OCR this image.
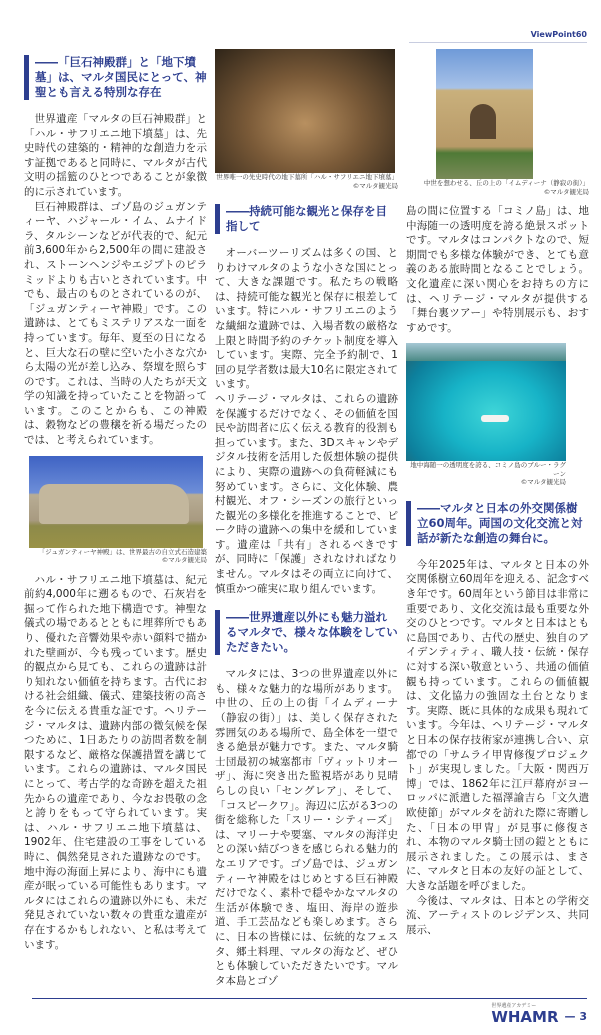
ViewPoint60
――「巨石神殿群」と「地下墳墓」は、マルタ国民にとって、神聖とも言える特別な存在

世界遺産「マルタの巨石神殿群」と「ハル・サフリエニ地下墳墓」は、先史時代の建築的・精神的な創造力を示す証拠であると同時に、マルタが古代文明の揺籃のひとつであることが象徴的に示されています。

巨石神殿群は、ゴゾ島のジュガンティーヤ、ハジャール・イム、ムナイドラ、タルシーンなどが代表的で、紀元前3,600年から2,500年の間に建設され、ストーンヘンジやエジプトのピラミッドよりも古いとされています。中でも、最古のものとされているのが、「ジュガンティーヤ神殿」です。この遺跡は、とてもミステリアスな一面を持っています。毎年、夏至の日になると、巨大な石の壁に空いた小さな穴から太陽の光が差し込み、祭壇を照らすのです。これは、当時の人たちが天文学の知識を持っていたことを物語っています。このことからも、この神殿は、穀物などの豊穣を祈る場だったのでは、と考えられています。

「ジュガンティーヤ神殿」は、世界最古の自立式石造建築
©マルタ観光局

ハル・サフリエニ地下墳墓は、紀元前約4,000年に遡るもので、石灰岩を掘って作られた地下構造です。神聖な儀式の場であるとともに埋葬所でもあり、優れた音響効果や赤い顔料で描かれた壁画が、今も残っています。歴史的観点から見ても、これらの遺跡は計り知れない価値を持ちます。古代における社会組織、儀式、建築技術の高さを今に伝える貴重な証です。ヘリテージ・マルタは、遺跡内部の微気候を保つために、1日あたりの訪問者数を制限するなど、厳格な保護措置を講じています。これらの遺跡は、マルタ国民にとって、考古学的な奇跡を超えた祖先からの遺産であり、今なお畏敬の念と誇りをもって守られています。実は、ハル・サフリエニ地下墳墓は、1902年、住宅建設の工事をしている時に、偶然発見された遺跡なのです。地中海の海面上昇により、海中にも遺産が眠っている可能性もあります。マルタにはこれらの遺跡以外にも、未だ発見されていない数々の貴重な遺産が存在するかもしれない、と私は考えています。

世界唯一の先史時代の地下墓所「ハル・サフリエニ地下墳墓」
©マルタ観光局
――持続可能な観光と保存を目指して

オーバーツーリズムは多くの国、とりわけマルタのような小さな国にとって、大きな課題です。私たちの戦略は、持続可能な観光と保存に根差しています。特にハル・サフリエニのような繊細な遺跡では、入場者数の厳格な上限と時間予約のチケット制度を導入しています。実際、完全予約制で、1回の見学者数は最大10名に限定されています。

ヘリテージ・マルタは、これらの遺跡を保護するだけでなく、その価値を国民や訪問者に広く伝える教育的役割も担っています。また、3Dスキャンやデジタル技術を活用した仮想体験の提供により、実際の遺跡への負荷軽減にも努めています。さらに、文化体験、農村観光、オフ・シーズンの旅行といった観光の多様化を推進することで、ピーク時の遺跡への集中を緩和しています。遺産は「共有」されるべきですが、同時に「保護」されなければなりません。マルタはその両立に向けて、慎重かつ確実に取り組んでいます。

――世界遺産以外にも魅力溢れるマルタで、様々な体験をしていただきたい。

マルタには、3つの世界遺産以外にも、様々な魅力的な場所があります。中世の、丘の上の街「イムディーナ（静寂の街）」は、美しく保存された雰囲気のある場所で、島全体を一望できる絶景が魅力です。また、マルタ騎士団最初の城塞都市「ヴィットリオーザ」、海に突き出た監視塔があり見晴らしの良い「セングレア」、そして、「コスピークワ」。海辺に広がる3つの街を総称した「スリー・シティーズ」は、マリーナや要塞、マルタの海洋史との深い結びつきを感じられる魅力的なエリアです。ゴゾ島では、ジュガンティーヤ神殿をはじめとする巨石神殿だけでなく、素朴で穏やかなマルタの生活が体験でき、塩田、海岸の遊歩道、手工芸品なども楽しめます。さらに、日本の皆様には、伝統的なフェスタ、郷土料理、マルタの海など、ぜひとも体験していただきたいです。マルタ本島とゴゾ

中世を想わせる、丘の上の「イムディーナ（静寂の街）」
©マルタ観光局

島の間に位置する「コミノ島」は、地中海随一の透明度を誇る絶景スポットです。マルタはコンパクトなので、短期間でも多様な体験ができ、とても意義のある旅時間となることでしょう。文化遺産に深い関心をお持ちの方には、ヘリテージ・マルタが提供する「舞台裏ツアー」や特別展示も、おすすめです。

地中海随一の透明度を誇る、コミノ島のブルー・ラグーン
©マルタ観光局
――マルタと日本の外交関係樹立60周年。両国の文化交流と対話が新たな創造の舞台に。

今年2025年は、マルタと日本の外交関係樹立60周年を迎える、記念すべき年です。60周年という節目は非常に重要であり、文化交流は最も重要な外交のひとつです。マルタと日本はともに島国であり、古代の歴史、独自のアイデンティティ、職人技・伝統・保存に対する深い敬意という、共通の価値観も持っています。これらの価値観は、文化協力の強固な土台となります。実際、既に具体的な成果も現れています。今年は、ヘリテージ・マルタと日本の保存技術家が連携し合い、京都での「サムライ甲冑修復プロジェクト」が実現しました。「大阪・関西万博」では、1862年に江戸幕府がヨーロッパに派遣した福澤諭吉ら「文久遣欧使節」がマルタを訪れた際に寄贈した、「日本の甲冑」が見事に修復され、本物のマルタ騎士団の鎧とともに展示されました。この展示は、まさに、マルタと日本の友好の証として、大きな話題を呼びました。

今後は、マルタは、日本との学術交流、アーティストのレジデンス、共同展示、

世界遺産アカデミー
WHAMR — 3
